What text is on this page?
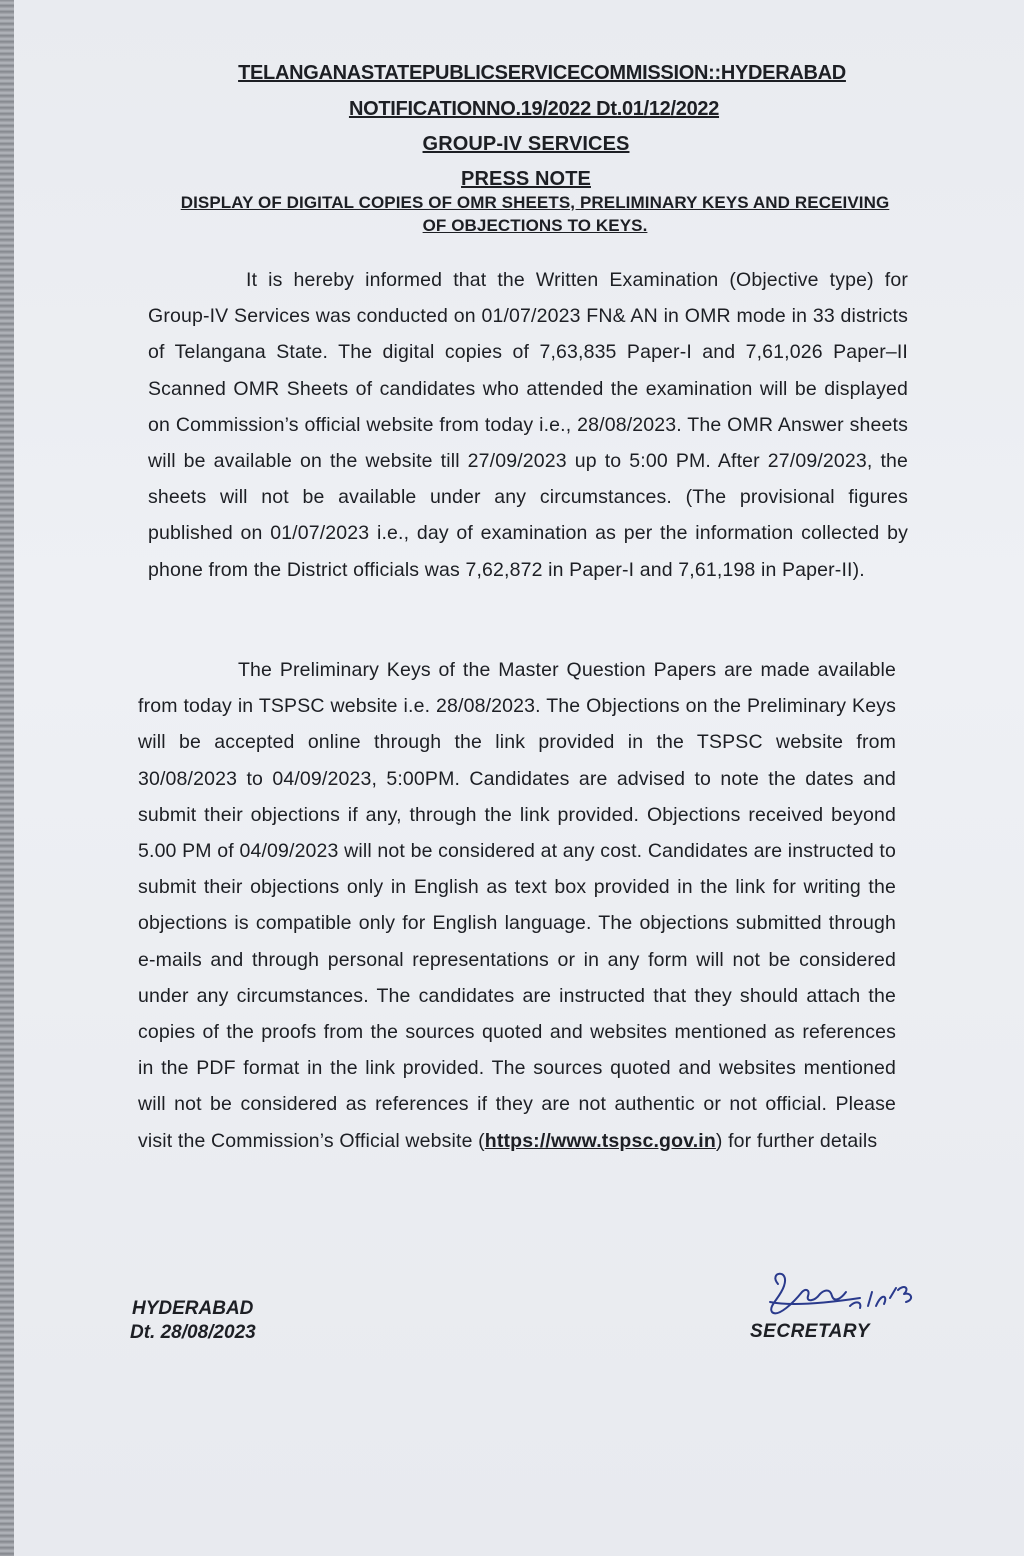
TELANGANASTATEPUBLICSERVICECOMMISSION::HYDERABAD
NOTIFICATIONNO.19/2022 Dt.01/12/2022
GROUP-IV SERVICES
PRESS NOTE
DISPLAY OF DIGITAL COPIES OF OMR SHEETS, PRELIMINARY KEYS AND RECEIVING OF OBJECTIONS TO KEYS.
It is hereby informed that the Written Examination (Objective type) for Group-IV Services was conducted on 01/07/2023 FN& AN in OMR mode in 33 districts of Telangana State. The digital copies of 7,63,835 Paper-I and 7,61,026 Paper–II Scanned OMR Sheets of candidates who attended the examination will be displayed on Commission’s official website from today i.e., 28/08/2023. The OMR Answer sheets will be available on the website till 27/09/2023 up to 5:00 PM. After 27/09/2023, the sheets will not be available under any circumstances. (The provisional figures published on 01/07/2023 i.e., day of examination as per the information collected by phone from the District officials was 7,62,872 in Paper-I and 7,61,198 in Paper-II).
The Preliminary Keys of the Master Question Papers are made available from today in TSPSC website i.e. 28/08/2023. The Objections on the Preliminary Keys will be accepted online through the link provided in the TSPSC website from 30/08/2023 to 04/09/2023, 5:00PM. Candidates are advised to note the dates and submit their objections if any, through the link provided. Objections received beyond 5.00 PM of 04/09/2023 will not be considered at any cost. Candidates are instructed to submit their objections only in English as text box provided in the link for writing the objections is compatible only for English language. The objections submitted through e-mails and through personal representations or in any form will not be considered under any circumstances. The candidates are instructed that they should attach the copies of the proofs from the sources quoted and websites mentioned as references in the PDF format in the link provided. The sources quoted and websites mentioned will not be considered as references if they are not authentic or not official. Please visit the Commission’s Official website (https://www.tspsc.gov.in) for further details
HYDERABAD
Dt. 28/08/2023	SECRETARY
